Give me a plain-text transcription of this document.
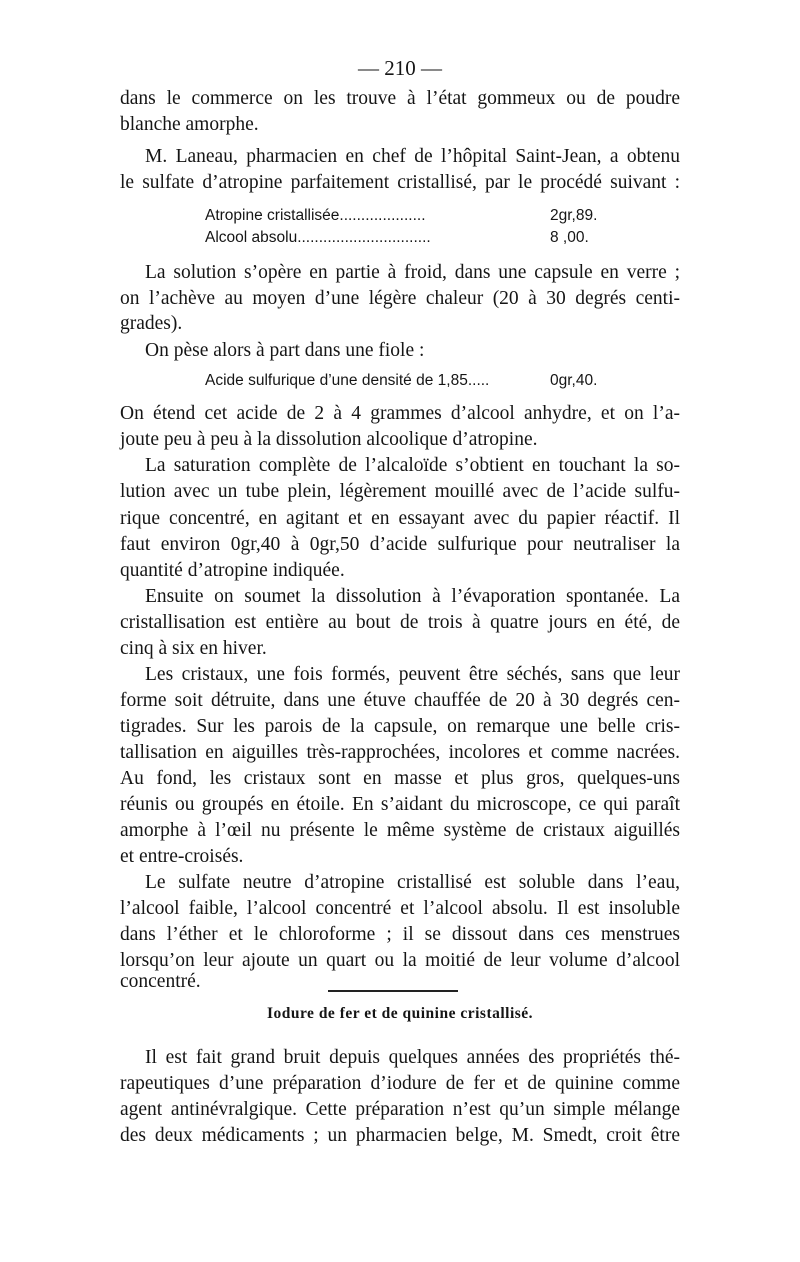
— 210 —
dans le commerce on les trouve à l’état gommeux ou de poudre
blanche amorphe.
M. Laneau, pharmacien en chef de l’hôpital Saint-Jean, a obtenu
le sulfate d’atropine parfaitement cristallisé, par le procédé suivant :
Atropine cristallisée....................	2gr,89.
Alcool absolu...............................	8 ,00.
La solution s’opère en partie à froid, dans une capsule en verre ;
on l’achève au moyen d’une légère chaleur (20 à 30 degrés centi-
grades).
On pèse alors à part dans une fiole :
Acide sulfurique d’une densité de 1,85.....	0gr,40.
On étend cet acide de 2 à 4 grammes d’alcool anhydre, et on l’a-
joute peu à peu à la dissolution alcoolique d’atropine.
La saturation complète de l’alcaloïde s’obtient en touchant la so-
lution avec un tube plein, légèrement mouillé avec de l’acide sulfu-
rique concentré, en agitant et en essayant avec du papier réactif. Il
faut environ 0gr,40 à 0gr,50 d’acide sulfurique pour neutraliser la
quantité d’atropine indiquée.
Ensuite on soumet la dissolution à l’évaporation spontanée. La
cristallisation est entière au bout de trois à quatre jours en été, de
cinq à six en hiver.
Les cristaux, une fois formés, peuvent être séchés, sans que leur
forme soit détruite, dans une étuve chauffée de 20 à 30 degrés cen-
tigrades. Sur les parois de la capsule, on remarque une belle cris-
tallisation en aiguilles très-rapprochées, incolores et comme nacrées.
Au fond, les cristaux sont en masse et plus gros, quelques-uns
réunis ou groupés en étoile. En s’aidant du microscope, ce qui paraît
amorphe à l’œil nu présente le même système de cristaux aiguillés
et entre-croisés.
Le sulfate neutre d’atropine cristallisé est soluble dans l’eau,
l’alcool faible, l’alcool concentré et l’alcool absolu. Il est insoluble
dans l’éther et le chloroforme ; il se dissout dans ces menstrues
lorsqu’on leur ajoute un quart ou la moitié de leur volume d’alcool
concentré.
Iodure de fer et de quinine cristallisé.
Il est fait grand bruit depuis quelques années des propriétés thé-
rapeutiques d’une préparation d’iodure de fer et de quinine comme
agent antinévralgique. Cette préparation n’est qu’un simple mélange
des deux médicaments ; un pharmacien belge, M. Smedt, croit être
